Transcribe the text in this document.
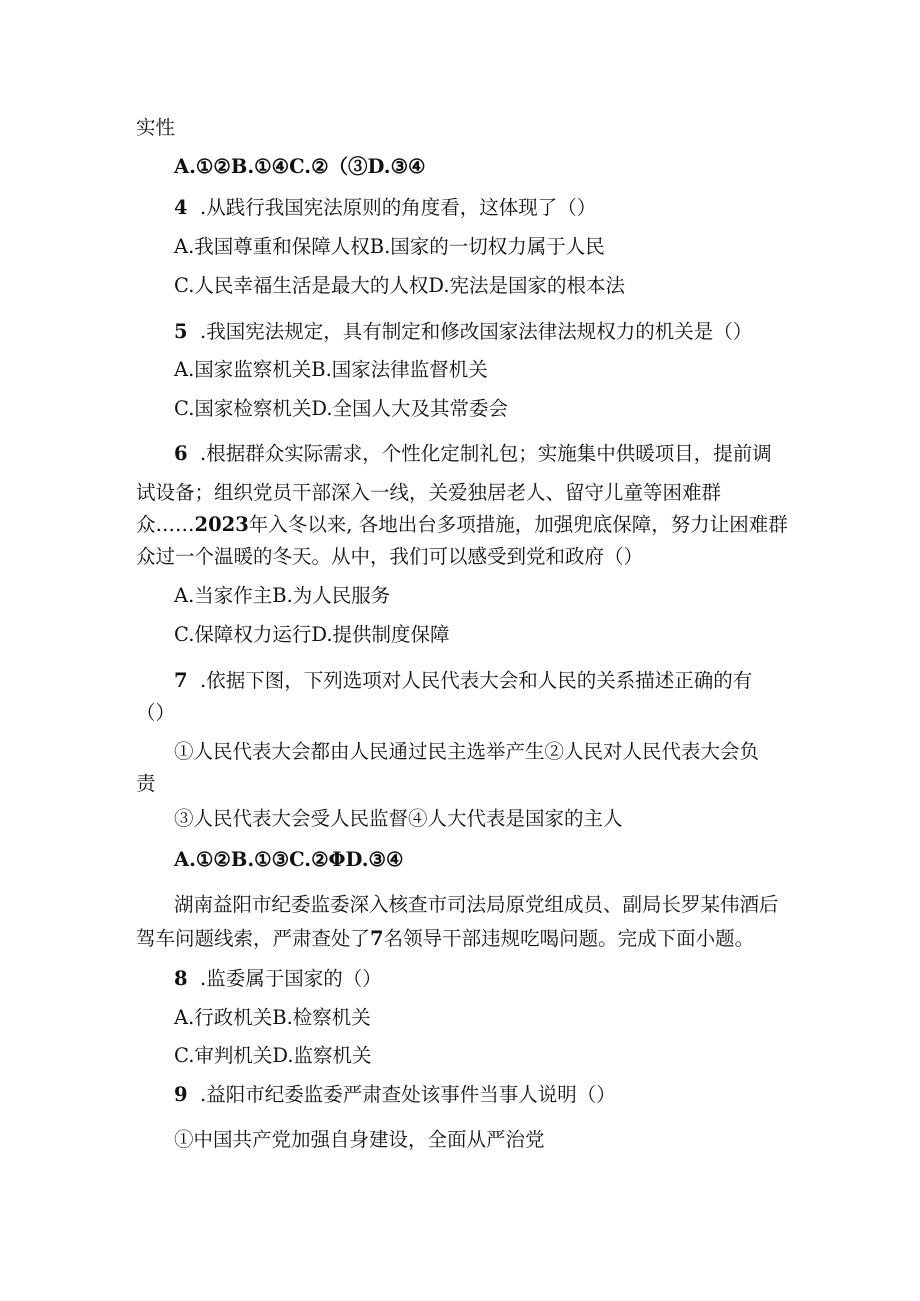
实性
A.①②B.①④C.②（③D.③④
4 .从践行我国宪法原则的角度看，这体现了（）
A.我国尊重和保障人权B.国家的一切权力属于人民
C.人民幸福生活是最大的人权D.宪法是国家的根本法
5 .我国宪法规定，具有制定和修改国家法律法规权力的机关是（）
A.国家监察机关B.国家法律监督机关
C.国家检察机关D.全国人大及其常委会
6 .根据群众实际需求，个性化定制礼包；实施集中供暖项目，提前调
试设备；组织党员干部深入一线，关爱独居老人、留守儿童等困难群
众……2023年入冬以来, 各地出台多项措施，加强兜底保障，努力让困难群
众过一个温暖的冬天。从中，我们可以感受到党和政府（）
A.当家作主B.为人民服务
C.保障权力运行D.提供制度保障
7 .依据下图，下列选项对人民代表大会和人民的关系描述正确的有
（）
①人民代表大会都由人民通过民主选举产生②人民对人民代表大会负
责
③人民代表大会受人民监督④人大代表是国家的主人
A.①②B.①③C.②ΦD.③④
湖南益阳市纪委监委深入核查市司法局原党组成员、副局长罗某伟酒后
驾车问题线索，严肃查处了7名领导干部违规吃喝问题。完成下面小题。
8 .监委属于国家的（）
A.行政机关B.检察机关
C.审判机关D.监察机关
9 .益阳市纪委监委严肃查处该事件当事人说明（）
①中国共产党加强自身建设，全面从严治党
